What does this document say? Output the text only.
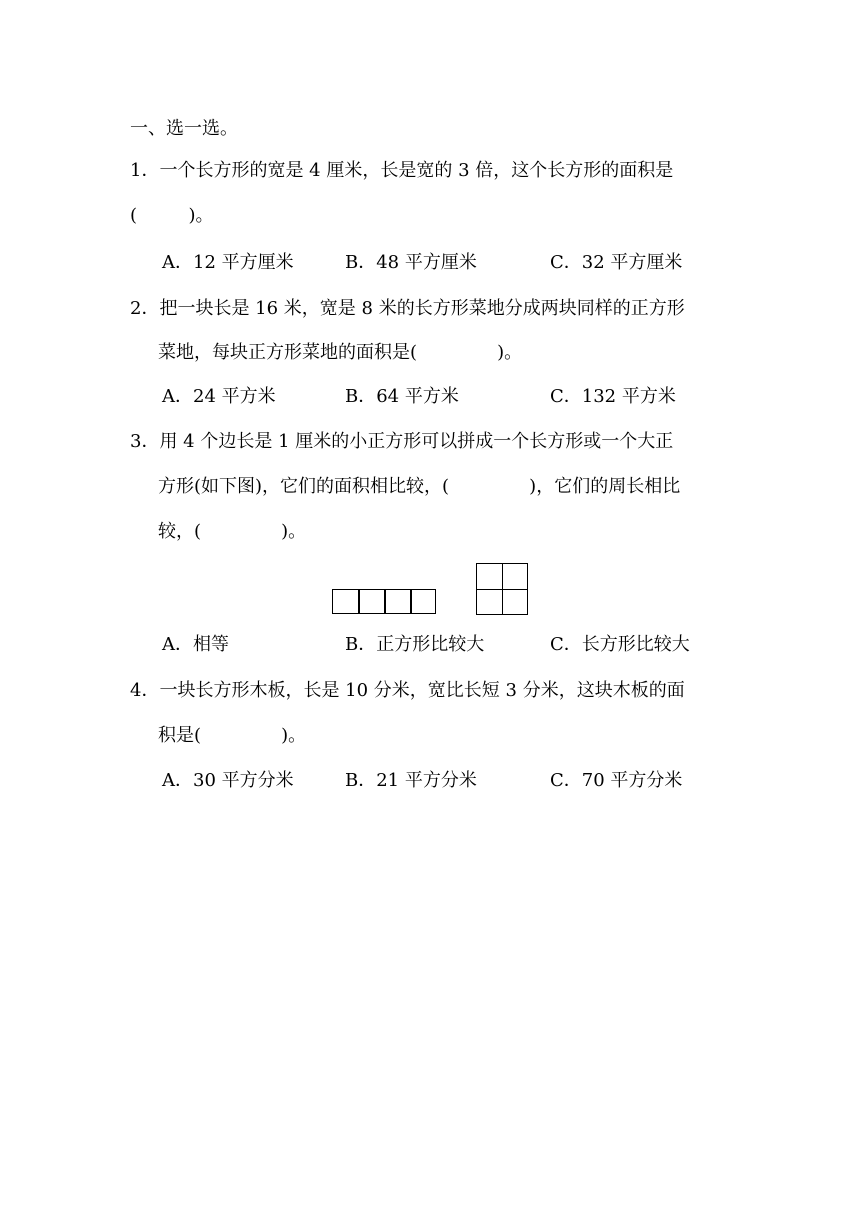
一、选一选。
1．一个长方形的宽是 4 厘米，长是宽的 3 倍，这个长方形的面积是
(         )。
A．12 平方厘米	B．48 平方厘米	C．32 平方厘米
2．把一块长是 16 米，宽是 8 米的长方形菜地分成两块同样的正方形
菜地，每块正方形菜地的面积是(              )。
A．24 平方米	B．64 平方米	C．132 平方米
3．用 4 个边长是 1 厘米的小正方形可以拼成一个长方形或一个大正
方形(如下图)，它们的面积相比较，(              )，它们的周长相比
较，(              )。
A．相等	B．正方形比较大	C．长方形比较大
4．一块长方形木板，长是 10 分米，宽比长短 3 分米，这块木板的面
积是(              )。
A．30 平方分米	B．21 平方分米	C．70 平方分米
